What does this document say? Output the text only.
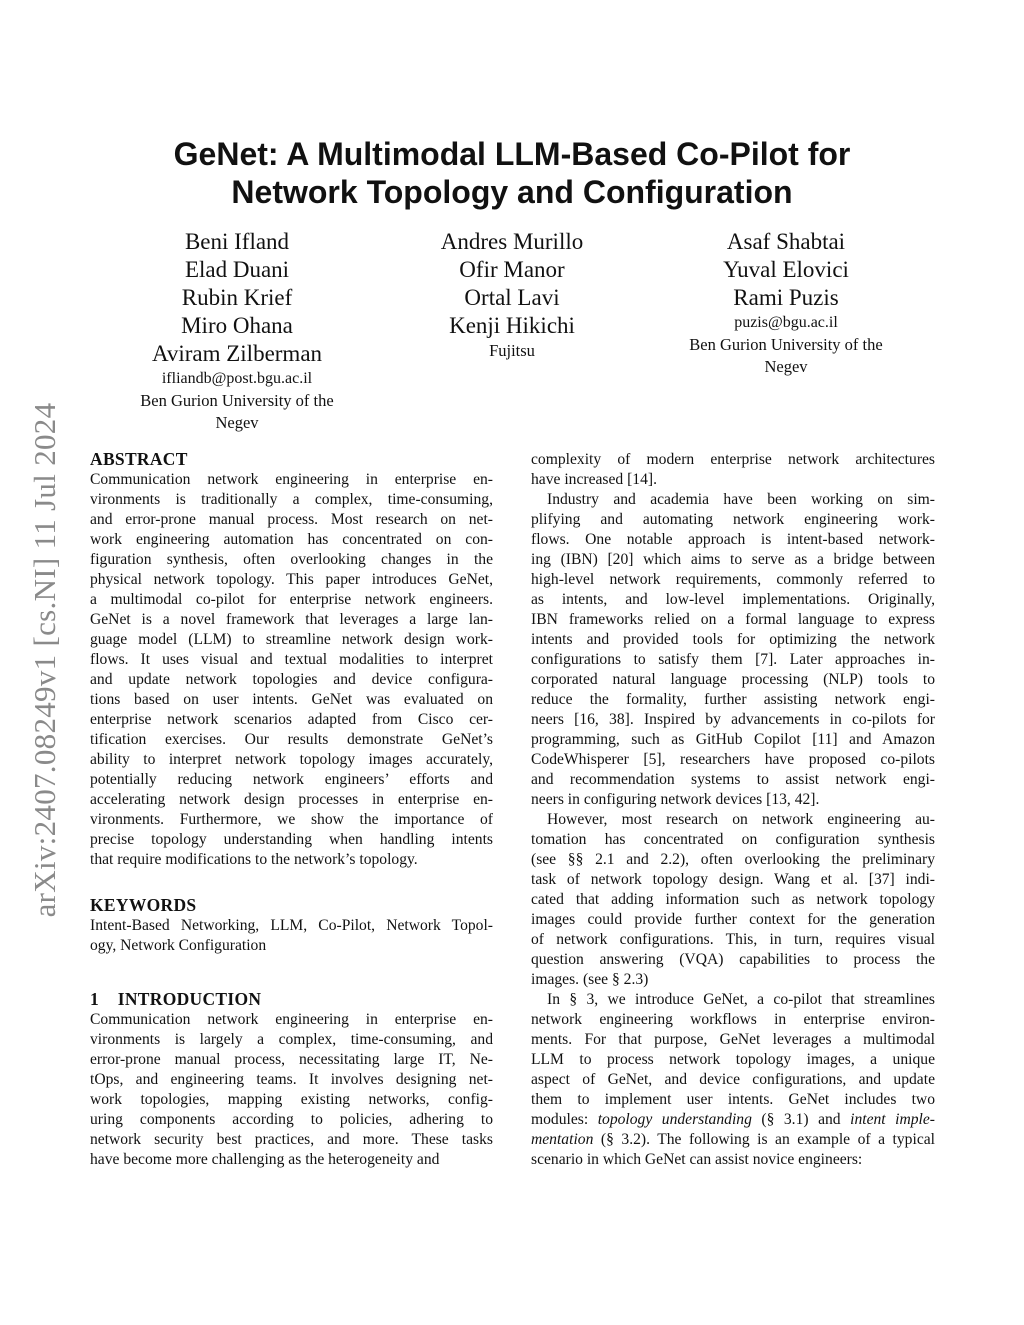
arXiv:2407.08249v1 [cs.NI] 11 Jul 2024
GeNet: A Multimodal LLM-Based Co-Pilot for
Network Topology and Configuration
Beni Ifland
Elad Duani
Rubin Krief
Miro Ohana
Aviram Zilberman
ifliandb@post.bgu.ac.il
Ben Gurion University of the
Negev
Andres Murillo
Ofir Manor
Ortal Lavi
Kenji Hikichi
Fujitsu
Asaf Shabtai
Yuval Elovici
Rami Puzis
puzis@bgu.ac.il
Ben Gurion University of the
Negev
ABSTRACT
Communication network engineering in enterprise en-
vironments is traditionally a complex, time-consuming,
and error-prone manual process. Most research on net-
work engineering automation has concentrated on con-
figuration synthesis, often overlooking changes in the
physical network topology. This paper introduces GeNet,
a multimodal co-pilot for enterprise network engineers.
GeNet is a novel framework that leverages a large lan-
guage model (LLM) to streamline network design work-
flows. It uses visual and textual modalities to interpret
and update network topologies and device configura-
tions based on user intents. GeNet was evaluated on
enterprise network scenarios adapted from Cisco cer-
tification exercises. Our results demonstrate GeNet’s
ability to interpret network topology images accurately,
potentially reducing network engineers’ efforts and
accelerating network design processes in enterprise en-
vironments. Furthermore, we show the importance of
precise topology understanding when handling intents
that require modifications to the network’s topology.
KEYWORDS
Intent-Based Networking, LLM, Co-Pilot, Network Topol-
ogy, Network Configuration
1    INTRODUCTION
Communication network engineering in enterprise en-
vironments is largely a complex, time-consuming, and
error-prone manual process, necessitating large IT, Ne-
tOps, and engineering teams. It involves designing net-
work topologies, mapping existing networks, config-
uring components according to policies, adhering to
network security best practices, and more. These tasks
have become more challenging as the heterogeneity and
complexity of modern enterprise network architectures
have increased [14].
Industry and academia have been working on sim-
plifying and automating network engineering work-
flows. One notable approach is intent-based network-
ing (IBN) [20] which aims to serve as a bridge between
high-level network requirements, commonly referred to
as intents, and low-level implementations. Originally,
IBN frameworks relied on a formal language to express
intents and provided tools for optimizing the network
configurations to satisfy them [7]. Later approaches in-
corporated natural language processing (NLP) tools to
reduce the formality, further assisting network engi-
neers [16, 38]. Inspired by advancements in co-pilots for
programming, such as GitHub Copilot [11] and Amazon
CodeWhisperer [5], researchers have proposed co-pilots
and recommendation systems to assist network engi-
neers in configuring network devices [13, 42].
However, most research on network engineering au-
tomation has concentrated on configuration synthesis
(see §§ 2.1 and 2.2), often overlooking the preliminary
task of network topology design. Wang et al. [37] indi-
cated that adding information such as network topology
images could provide further context for the generation
of network configurations. This, in turn, requires visual
question answering (VQA) capabilities to process the
images. (see § 2.3)
In § 3, we introduce GeNet, a co-pilot that streamlines
network engineering workflows in enterprise environ-
ments. For that purpose, GeNet leverages a multimodal
LLM to process network topology images, a unique
aspect of GeNet, and device configurations, and update
them to implement user intents. GeNet includes two
modules: topology understanding (§ 3.1) and intent imple-
mentation (§ 3.2). The following is an example of a typical
scenario in which GeNet can assist novice engineers:
